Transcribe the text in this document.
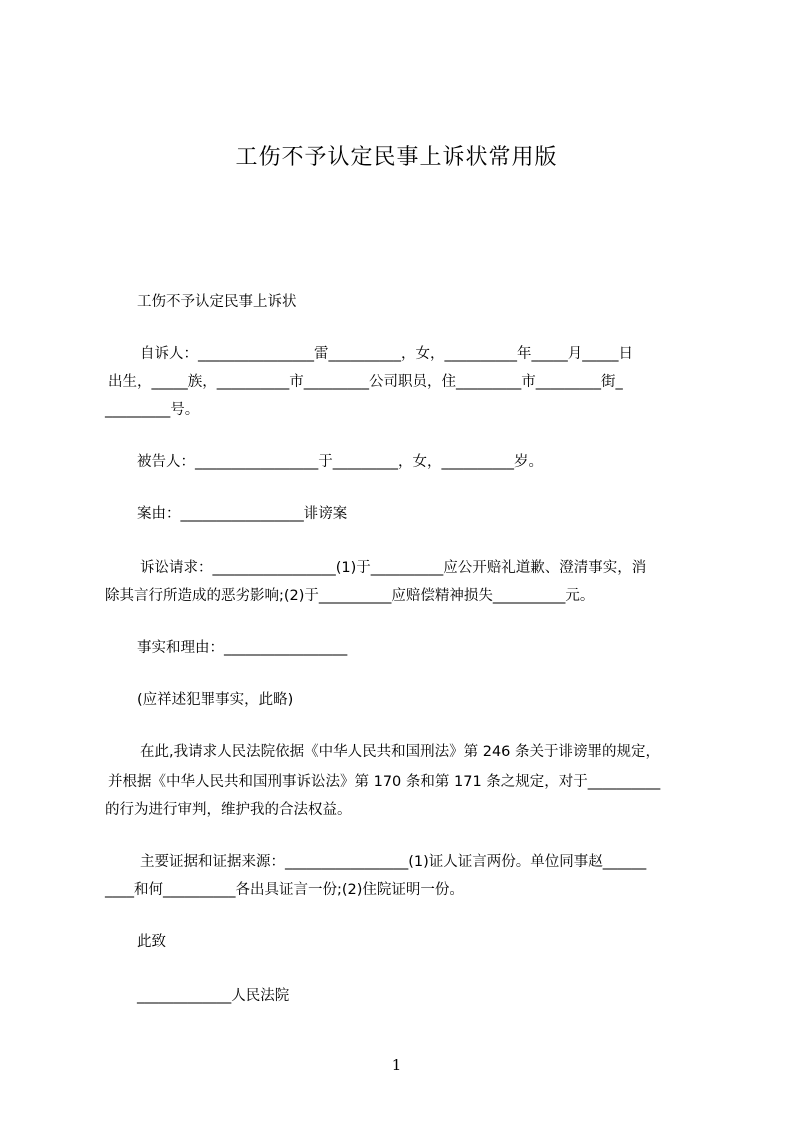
工伤不予认定民事上诉状常用版
工伤不予认定民事上诉状
自诉人：________________雷__________，女，__________年_____月_____日
出生，_____族，__________市_________公司职员，住_________市_________街_
_________号。
被告人：_________________于_________，女，__________岁。
案由：_________________诽谤案
诉讼请求：_________________(1)于__________应公开赔礼道歉、澄清事实，消
除其言行所造成的恶劣影响;(2)于__________应赔偿精神损失__________元。
事实和理由：_________________
(应祥述犯罪事实，此略)
在此,我请求人民法院依据《中华人民共和国刑法》第 246 条关于诽谤罪的规定，
并根据《中华人民共和国刑事诉讼法》第 170 条和第 171 条之规定，对于__________
的行为进行审判，维护我的合法权益。
主要证据和证据来源：_________________(1)证人证言两份。单位同事赵______
____和何__________各出具证言一份;(2)住院证明一份。
此致
_____________人民法院
1
